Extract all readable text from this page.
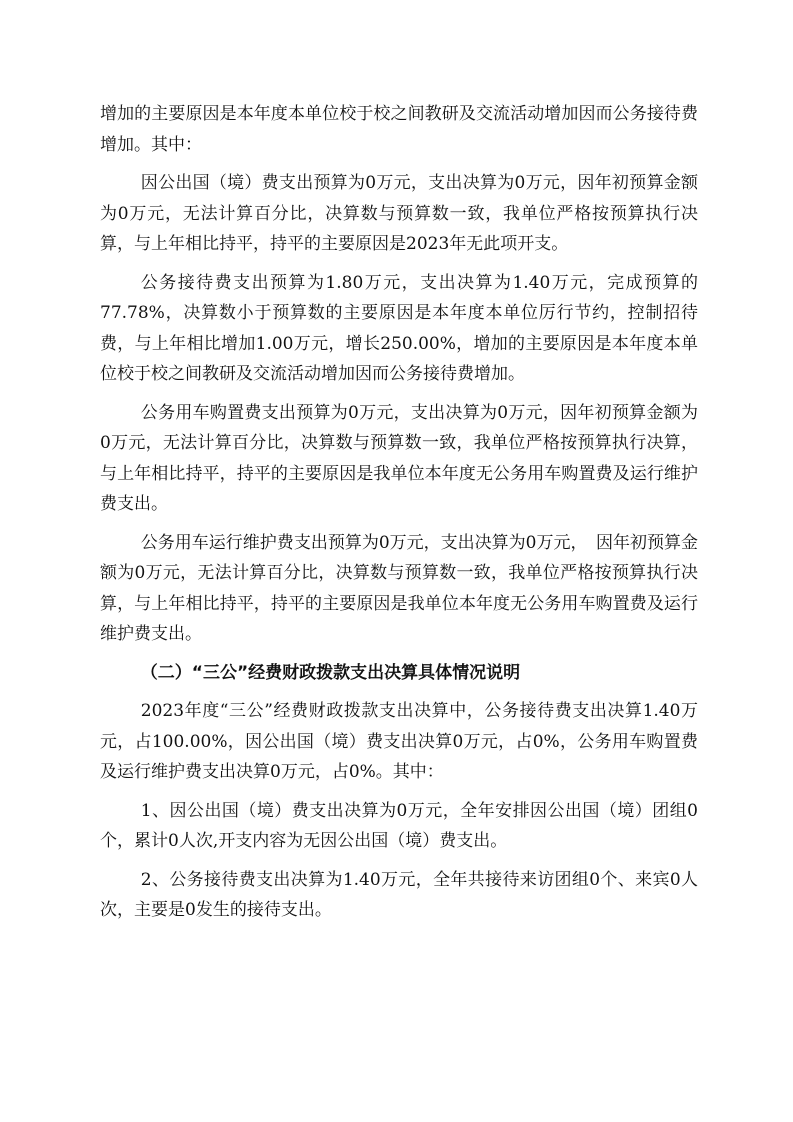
增加的主要原因是本年度本单位校于校之间教研及交流活动增加因而公务接待费增加。其中：

因公出国（境）费支出预算为0万元，支出决算为0万元，因年初预算金额为0万元，无法计算百分比，决算数与预算数一致，我单位严格按预算执行决算，与上年相比持平，持平的主要原因是2023年无此项开支。

公务接待费支出预算为1.80万元，支出决算为1.40万元，完成预算的77.78%，决算数小于预算数的主要原因是本年度本单位厉行节约，控制招待费，与上年相比增加1.00万元，增长250.00%，增加的主要原因是本年度本单位校于校之间教研及交流活动增加因而公务接待费增加。

公务用车购置费支出预算为0万元，支出决算为0万元，因年初预算金额为0万元，无法计算百分比，决算数与预算数一致，我单位严格按预算执行决算，与上年相比持平，持平的主要原因是我单位本年度无公务用车购置费及运行维护费支出。

公务用车运行维护费支出预算为0万元，支出决算为0万元，　因年初预算金额为0万元，无法计算百分比，决算数与预算数一致，我单位严格按预算执行决算，与上年相比持平，持平的主要原因是我单位本年度无公务用车购置费及运行维护费支出。

（二）“三公”经费财政拨款支出决算具体情况说明

2023年度“三公”经费财政拨款支出决算中，公务接待费支出决算1.40万元，占100.00%，因公出国（境）费支出决算0万元，占0%，公务用车购置费及运行维护费支出决算0万元，占0%。其中：

1、因公出国（境）费支出决算为0万元，全年安排因公出国（境）团组0个，累计0人次,开支内容为无因公出国（境）费支出。

2、公务接待费支出决算为1.40万元，全年共接待来访团组0个、来宾0人次，主要是0发生的接待支出。
